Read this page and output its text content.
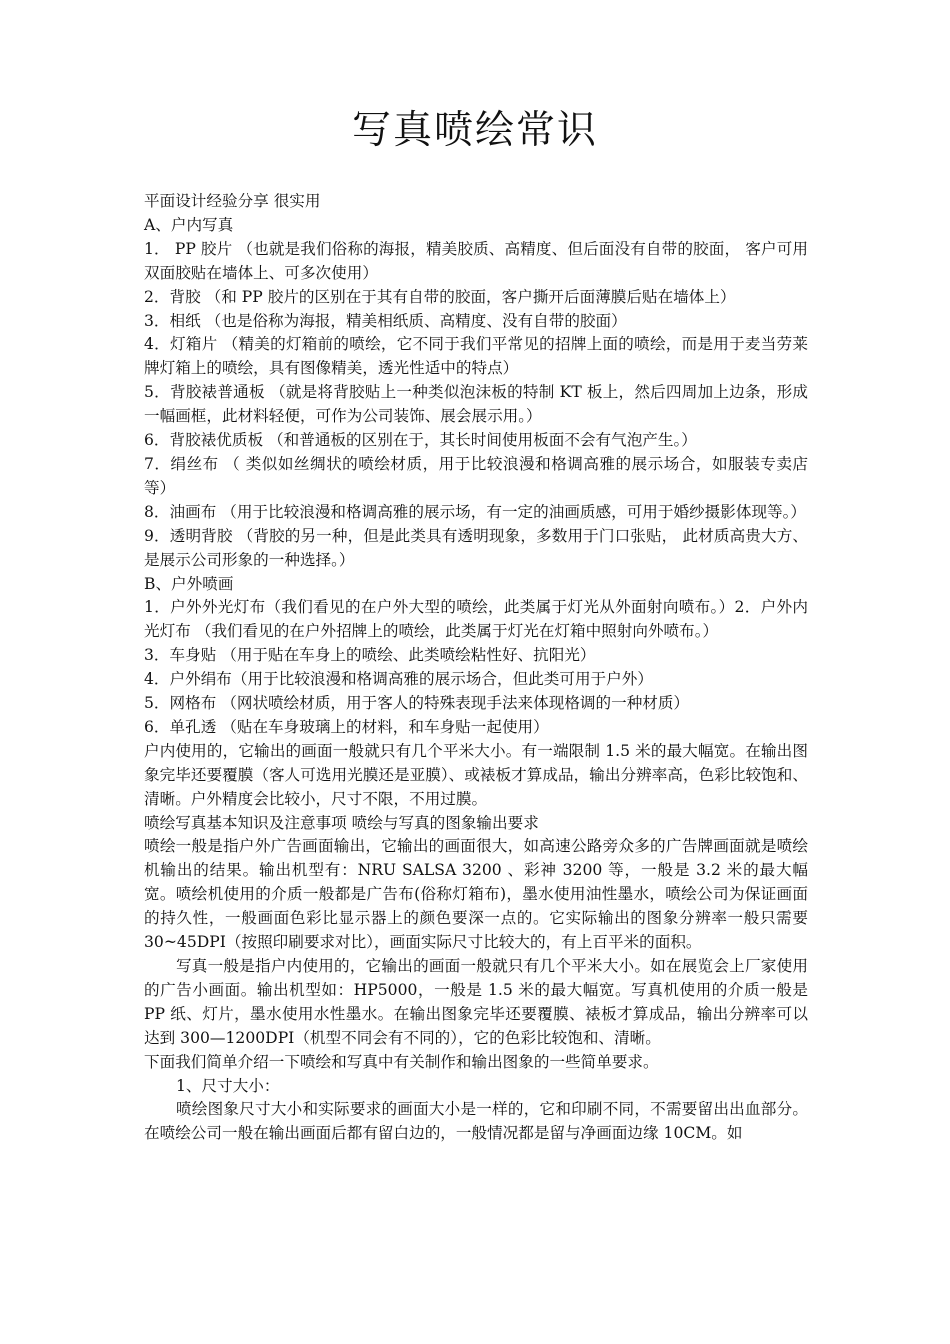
写真喷绘常识

平面设计经验分享 很实用

A、户内写真

1． PP 胶片 （也就是我们俗称的海报，精美胶质、高精度、但后面没有自带的胶面， 客户可用双面胶贴在墙体上、可多次使用）

2．背胶 （和 PP 胶片的区别在于其有自带的胶面，客户撕开后面薄膜后贴在墙体上）

3．相纸 （也是俗称为海报，精美相纸质、高精度、没有自带的胶面）

4．灯箱片 （精美的灯箱前的喷绘，它不同于我们平常见的招牌上面的喷绘，而是用于麦当劳莱牌灯箱上的喷绘，具有图像精美，透光性适中的特点）

5．背胶裱普通板 （就是将背胶贴上一种类似泡沫板的特制 KT 板上，然后四周加上边条，形成一幅画框，此材料轻便，可作为公司装饰、展会展示用。）

6．背胶裱优质板 （和普通板的区别在于，其长时间使用板面不会有气泡产生。）

7．绢丝布 （ 类似如丝绸状的喷绘材质，用于比较浪漫和格调高雅的展示场合，如服装专卖店等）

8．油画布 （用于比较浪漫和格调高雅的展示场，有一定的油画质感，可用于婚纱摄影体现等。）

9．透明背胶 （背胶的另一种，但是此类具有透明现象，多数用于门口张贴， 此材质高贵大方、是展示公司形象的一种选择。）

B、户外喷画

1．户外外光灯布（我们看见的在户外大型的喷绘，此类属于灯光从外面射向喷布。）2．户外内光灯布 （我们看见的在户外招牌上的喷绘，此类属于灯光在灯箱中照射向外喷布。）

3．车身贴 （用于贴在车身上的喷绘、此类喷绘粘性好、抗阳光）

4．户外绢布（用于比较浪漫和格调高雅的展示场合，但此类可用于户外）

5．网格布 （网状喷绘材质，用于客人的特殊表现手法来体现格调的一种材质）

6．单孔透 （贴在车身玻璃上的材料，和车身贴一起使用）

户内使用的，它输出的画面一般就只有几个平米大小。有一端限制 1.5 米的最大幅宽。在输出图象完毕还要覆膜（客人可选用光膜还是亚膜）、或裱板才算成品，输出分辨率高，色彩比较饱和、清晰。户外精度会比较小，尺寸不限，不用过膜。

喷绘写真基本知识及注意事项 喷绘与写真的图象输出要求

喷绘一般是指户外广告画面输出，它输出的画面很大，如高速公路旁众多的广告牌画面就是喷绘机输出的结果。输出机型有：NRU SALSA 3200 、彩神 3200 等，一般是 3.2 米的最大幅宽。喷绘机使用的介质一般都是广告布(俗称灯箱布)，墨水使用油性墨水，喷绘公司为保证画面的持久性，一般画面色彩比显示器上的颜色要深一点的。它实际输出的图象分辨率一般只需要 30~45DPI（按照印刷要求对比），画面实际尺寸比较大的，有上百平米的面积。

写真一般是指户内使用的，它输出的画面一般就只有几个平米大小。如在展览会上厂家使用的广告小画面。输出机型如：HP5000，一般是 1.5 米的最大幅宽。写真机使用的介质一般是 PP 纸、灯片，墨水使用水性墨水。在输出图象完毕还要覆膜、裱板才算成品，输出分辨率可以达到 300—1200DPI（机型不同会有不同的），它的色彩比较饱和、清晰。

下面我们简单介绍一下喷绘和写真中有关制作和输出图象的一些简单要求。

1、尺寸大小：

喷绘图象尺寸大小和实际要求的画面大小是一样的，它和印刷不同，不需要留出出血部分。在喷绘公司一般在输出画面后都有留白边的，一般情况都是留与净画面边缘 10CM。如
